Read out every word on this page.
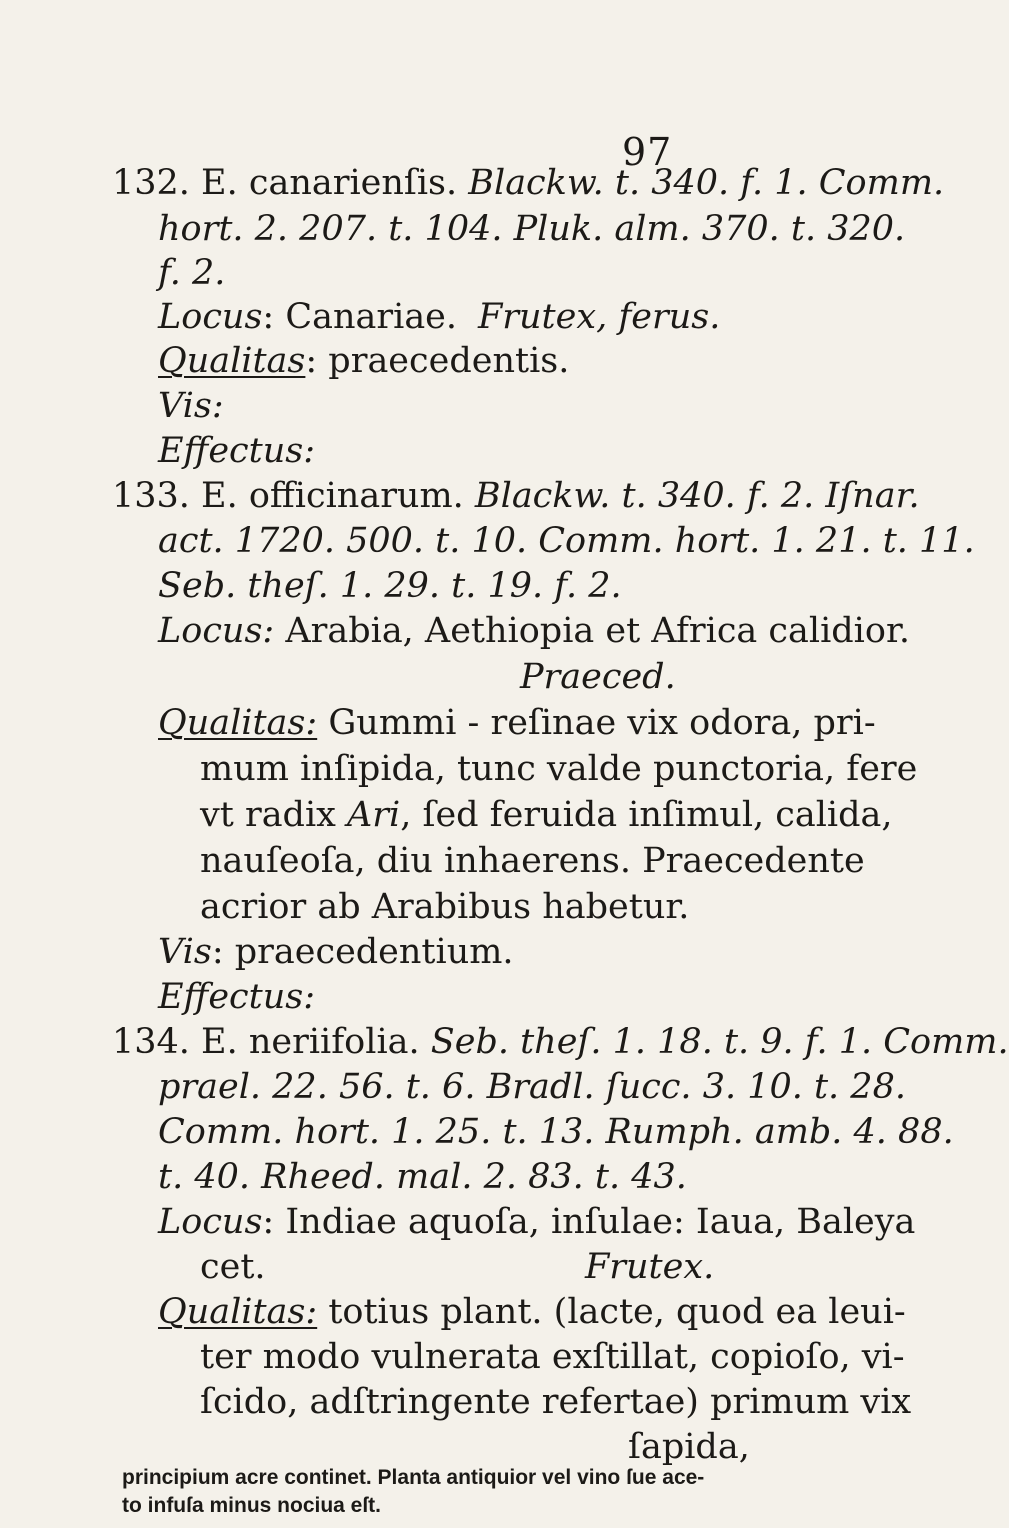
97
132. E. canarienſis. Blackw. t. 340. f. 1. Comm.
hort. 2. 207. t. 104. Pluk. alm. 370. t. 320.
f. 2.
Locus: Canariae. Frutex, ferus.
Qualitas: praecedentis.
Vis:
Effectus:
133. E. officinarum. Blackw. t. 340. f. 2. Iſnar.
act. 1720. 500. t. 10. Comm. hort. 1. 21. t. 11.
Seb. theſ. 1. 29. t. 19. f. 2.
Locus: Arabia, Aethiopia et Africa calidior.
Praeced.
Qualitas: Gummi - reſinae vix odora, pri-
mum inſipida, tunc valde punctoria, fere
vt radix Ari, ſed feruida inſimul, calida,
nauſeoſa, diu inhaerens. Praecedente
acrior ab Arabibus habetur.
Vis: praecedentium.
Effectus:
134. E. neriifolia. Seb. theſ. 1. 18. t. 9. f. 1. Comm.
prael. 22. 56. t. 6. Bradl. ſucc. 3. 10. t. 28.
Comm. hort. 1. 25. t. 13. Rumph. amb. 4. 88.
t. 40. Rheed. mal. 2. 83. t. 43.
Locus: Indiae aquoſa, inſulae: Iaua, Baleya
cet.	Frutex.
Qualitas: totius plant. (lacte, quod ea leui-
ter modo vulnerata exſtillat, copioſo, vi-
ſcido, adſtringente refertae) primum vix
ſapida,
principium acre continet. Planta antiquior vel vino ſue ace-
to infuſa minus nociua eſt.
